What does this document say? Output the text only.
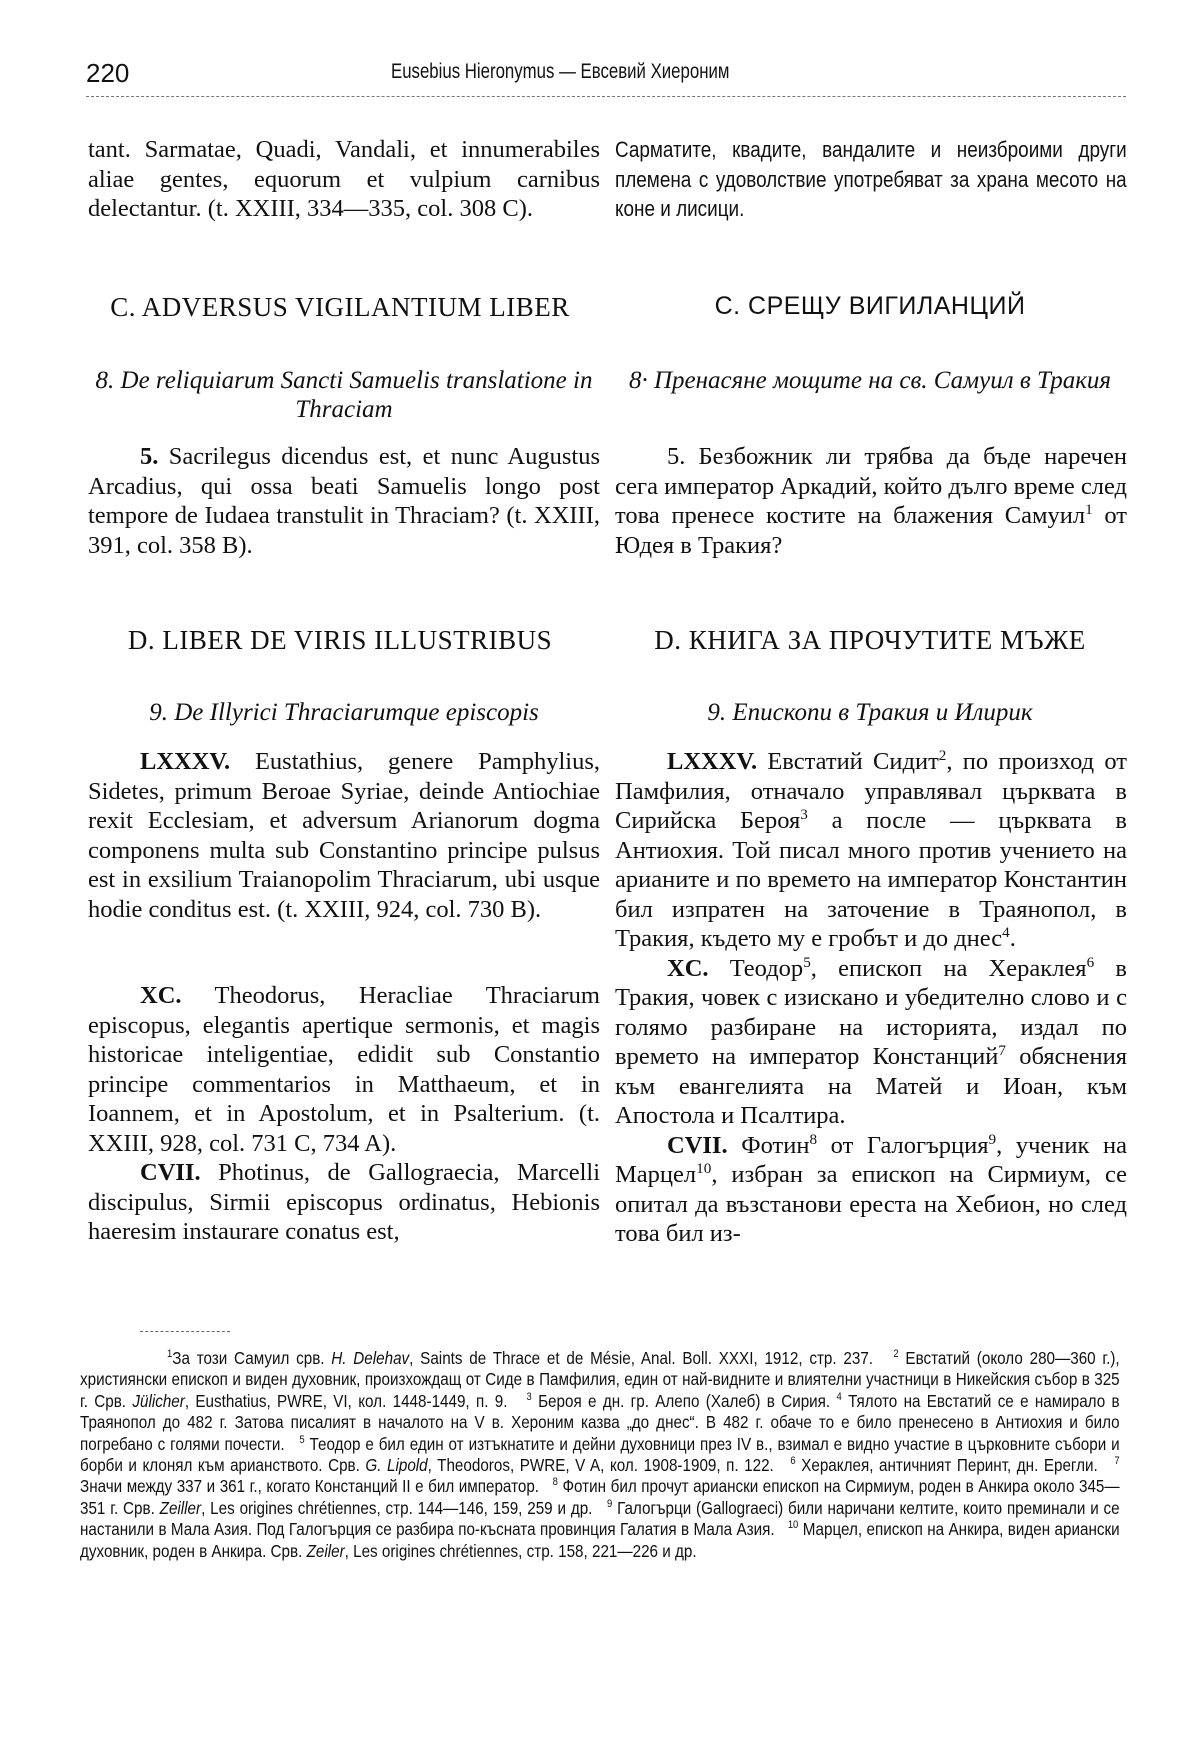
220	Eusebius Hieronymus — Евсевий Хиероним

tant. Sarmatae, Quadi, Vandali, et innumerabiles aliae gentes, equorum et vulpium carnibus delectantur. (t. XXIII, 334—335, col. 308 C).

Сарматите, квадите, вандалите и неизброими други племена с удоволствие употребяват за храна месото на коне и лисици.

C. ADVERSUS VIGILANTIUM LIBER	С. СРЕЩУ ВИГИЛАНЦИЙ
8. De reliquiarum Sancti Samuelis translatione in Thraciam
8· Пренасяне мощите на св. Самуил в Тракия

5. Sacrilegus dicendus est, et nunc Augustus Arcadius, qui ossa beati Samuelis longo post tempore de Iudaea transtulit in Thraciam? (t. XXIII, 391, col. 358 B).

5. Безбожник ли трябва да бъде наречен сега император Аркадий, който дълго време след това пренесе костите на блажения Самуил$^1$ от Юдея в Тракия?

D. LIBER DE VIRIS ILLUSTRIBUS	D. КНИГА ЗА ПРОЧУТИТЕ МЪЖЕ
9. De Illyrici Thraciarumque episcopis	9. Епископи в Тракия и Илирик

LXXXV. Eustathius, genere Pamphylius, Sidetes, primum Beroae Syriae, deinde Antiochiae rexit Ecclesiam, et adversum Arianorum dogma componens multa sub Constantino principe pulsus est in exsilium Traianopolim Thraciarum, ubi usque hodie conditus est. (t. XXIII, 924, col. 730 B).

XC. Theodorus, Heracliae Thraciarum episcopus, elegantis apertique sermonis, et magis historicae inteligentiae, edidit sub Constantio principe commentarios in Matthaeum, et in Ioannem, et in Apostolum, et in Psalterium. (t. XXIII, 928, col. 731 C, 734 A).

CVII. Photinus, de Gallograecia, Marcelli discipulus, Sirmii episcopus ordinatus, Hebionis haeresim instaurare conatus est,

LXXXV. Евстатий Сидит$^2$, по произход от Памфилия, отначало управлявал църквата в Сирийска Бероя$^3$ а после — църквата в Антиохия. Той писал много против учението на арианите и по времето на император Константин бил изпратен на заточение в Траянопол, в Тракия, където му е гробът и до днес$^4$.

XC. Теодор$^5$, епископ на Хераклея$^6$ в Тракия, човек с изискано и убедително слово и с голямо разбиране на историята, издал по времето на император Констанций$^7$ обяснения към евангелията на Матей и Иоан, към Апостола и Псалтира.

CVII. Фотин$^8$ от Галогърция$^9$, ученик на Марцел$^{10}$, избран за епископ на Сирмиум, се опитал да възстанови ереста на Хебион, но след това бил из-

$^1$За този Самуил срв. H. Delehav, Saints de Thrace et de Mésie, Anal. Boll. XXXI, 1912, стр. 237. $^2$ Евстатий (около 280—360 г.), християнски епископ и виден духовник, произхождащ от Сиде в Памфилия, един от най-видните и влиятелни участници в Никейския събор в 325 г. Срв. Jülicher, Eusthatius, PWRE, VI, кол. 1448-1449, п. 9. $^3$ Бероя е дн. гр. Алепо (Халеб) в Сирия. $^4$ Тялото на Евстатий се е намирало в Траянопол до 482 г. Затова писалият в началото на V в. Хероним казва „до днес“. В 482 г. обаче то е било пренесено в Антиохия и било погребано с голями почести. $^5$ Теодор е бил един от изтъкнатите и дейни духовници през IV в., взимал е видно участие в църковните събори и борби и клонял към арианството. Срв. G. Lipold, Theodoros, PWRE, V A, кол. 1908-1909, п. 122. $^6$ Хераклея, античният Перинт, дн. Ерегли. $^7$ Значи между 337 и 361 г., когато Констанций II е бил император. $^8$ Фотин бил прочут ариански епископ на Сирмиум, роден в Анкира около 345—351 г. Срв. Zeiller, Les origines chrétiennes, стр. 144—146, 159, 259 и др. $^9$ Галогърци (Gallograeci) били наричани келтите, които преминали и се настанили в Мала Азия. Под Галогърция се разбира по-късната провинция Галатия в Мала Азия. $^{10}$ Марцел, епископ на Анкира, виден ариански духовник, роден в Анкира. Срв. Zeiler, Les origines chrétiennes, стр. 158, 221—226 и др.
